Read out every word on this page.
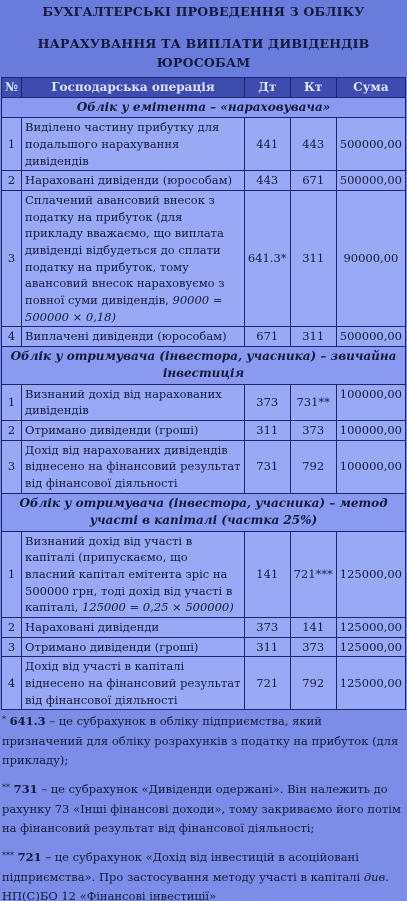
БУХГАЛТЕРСЬКІ ПРОВЕДЕННЯ З ОБЛІКУ
НАРАХУВАННЯ ТА ВИПЛАТИ ДИВІДЕНДІВ ЮРОСОБАМ
№	Господарська операція	Дт	Кт	Сума
Облік у емітента – «нараховувача»				
1	Виділено частину прибутку для подальшого нарахування дивідендів	441	443	500000,00
2	Нараховані дивіденди (юрособам)	443	671	500000,00
3	Сплачений авансовий внесок з податку на прибуток (для прикладу вважаємо, що виплата дивіденді відбудеться до сплати податку на прибуток, тому авансовий внесок нараховуємо з повної суми дивідендів, 90000 = 500000 × 0,18)	641.3*	311	90000,00
4	Виплачені дивіденди (юрособам)	671	311	500000,00
Облік у отримувача (інвестора, учасника) – звичайна інвестиція				
1	Визнаний дохід від нарахованих дивідендів	373	731**	100000,00
2	Отримано дивіденди (гроші)	311	373	100000,00
3	Дохід від нарахованих дивідендів віднесено на фінансовий результат від фінансової діяльності	731	792	100000,00
Облік у отримувача (інвестора, учасника) – метод участі в капіталі (частка 25%)				
1	Визнаний дохід від участі в капіталі (припускаємо, що власний капітал емітента зріс на 500000 грн, тоді дохід від участі в капіталі, 125000 = 0,25 × 500000)	141	721***	125000,00
2	Нараховані дивіденди	373	141	125000,00
3	Отримано дивіденди (гроші)	311	373	125000,00
4	Дохід від участі в капіталі віднесено на фінансовий результат від фінансової діяльності	721	792	125000,00

* 641.3 – це субрахунок в обліку підприємства, який призначений для обліку розрахунків з податку на прибуток (для прикладу);

** 731 – це субрахунок «Дивіденди одержані». Він належить до рахунку 73 «Інші фінансові доходи», тому закриваємо його потім на фінансовий результат від фінансової діяльності;

*** 721 – це субрахунок «Дохід від інвестицій в асоційовані підприємства». Про застосування методу участі в капіталі див. НП(С)БО 12 «Фінансові інвестиції»
